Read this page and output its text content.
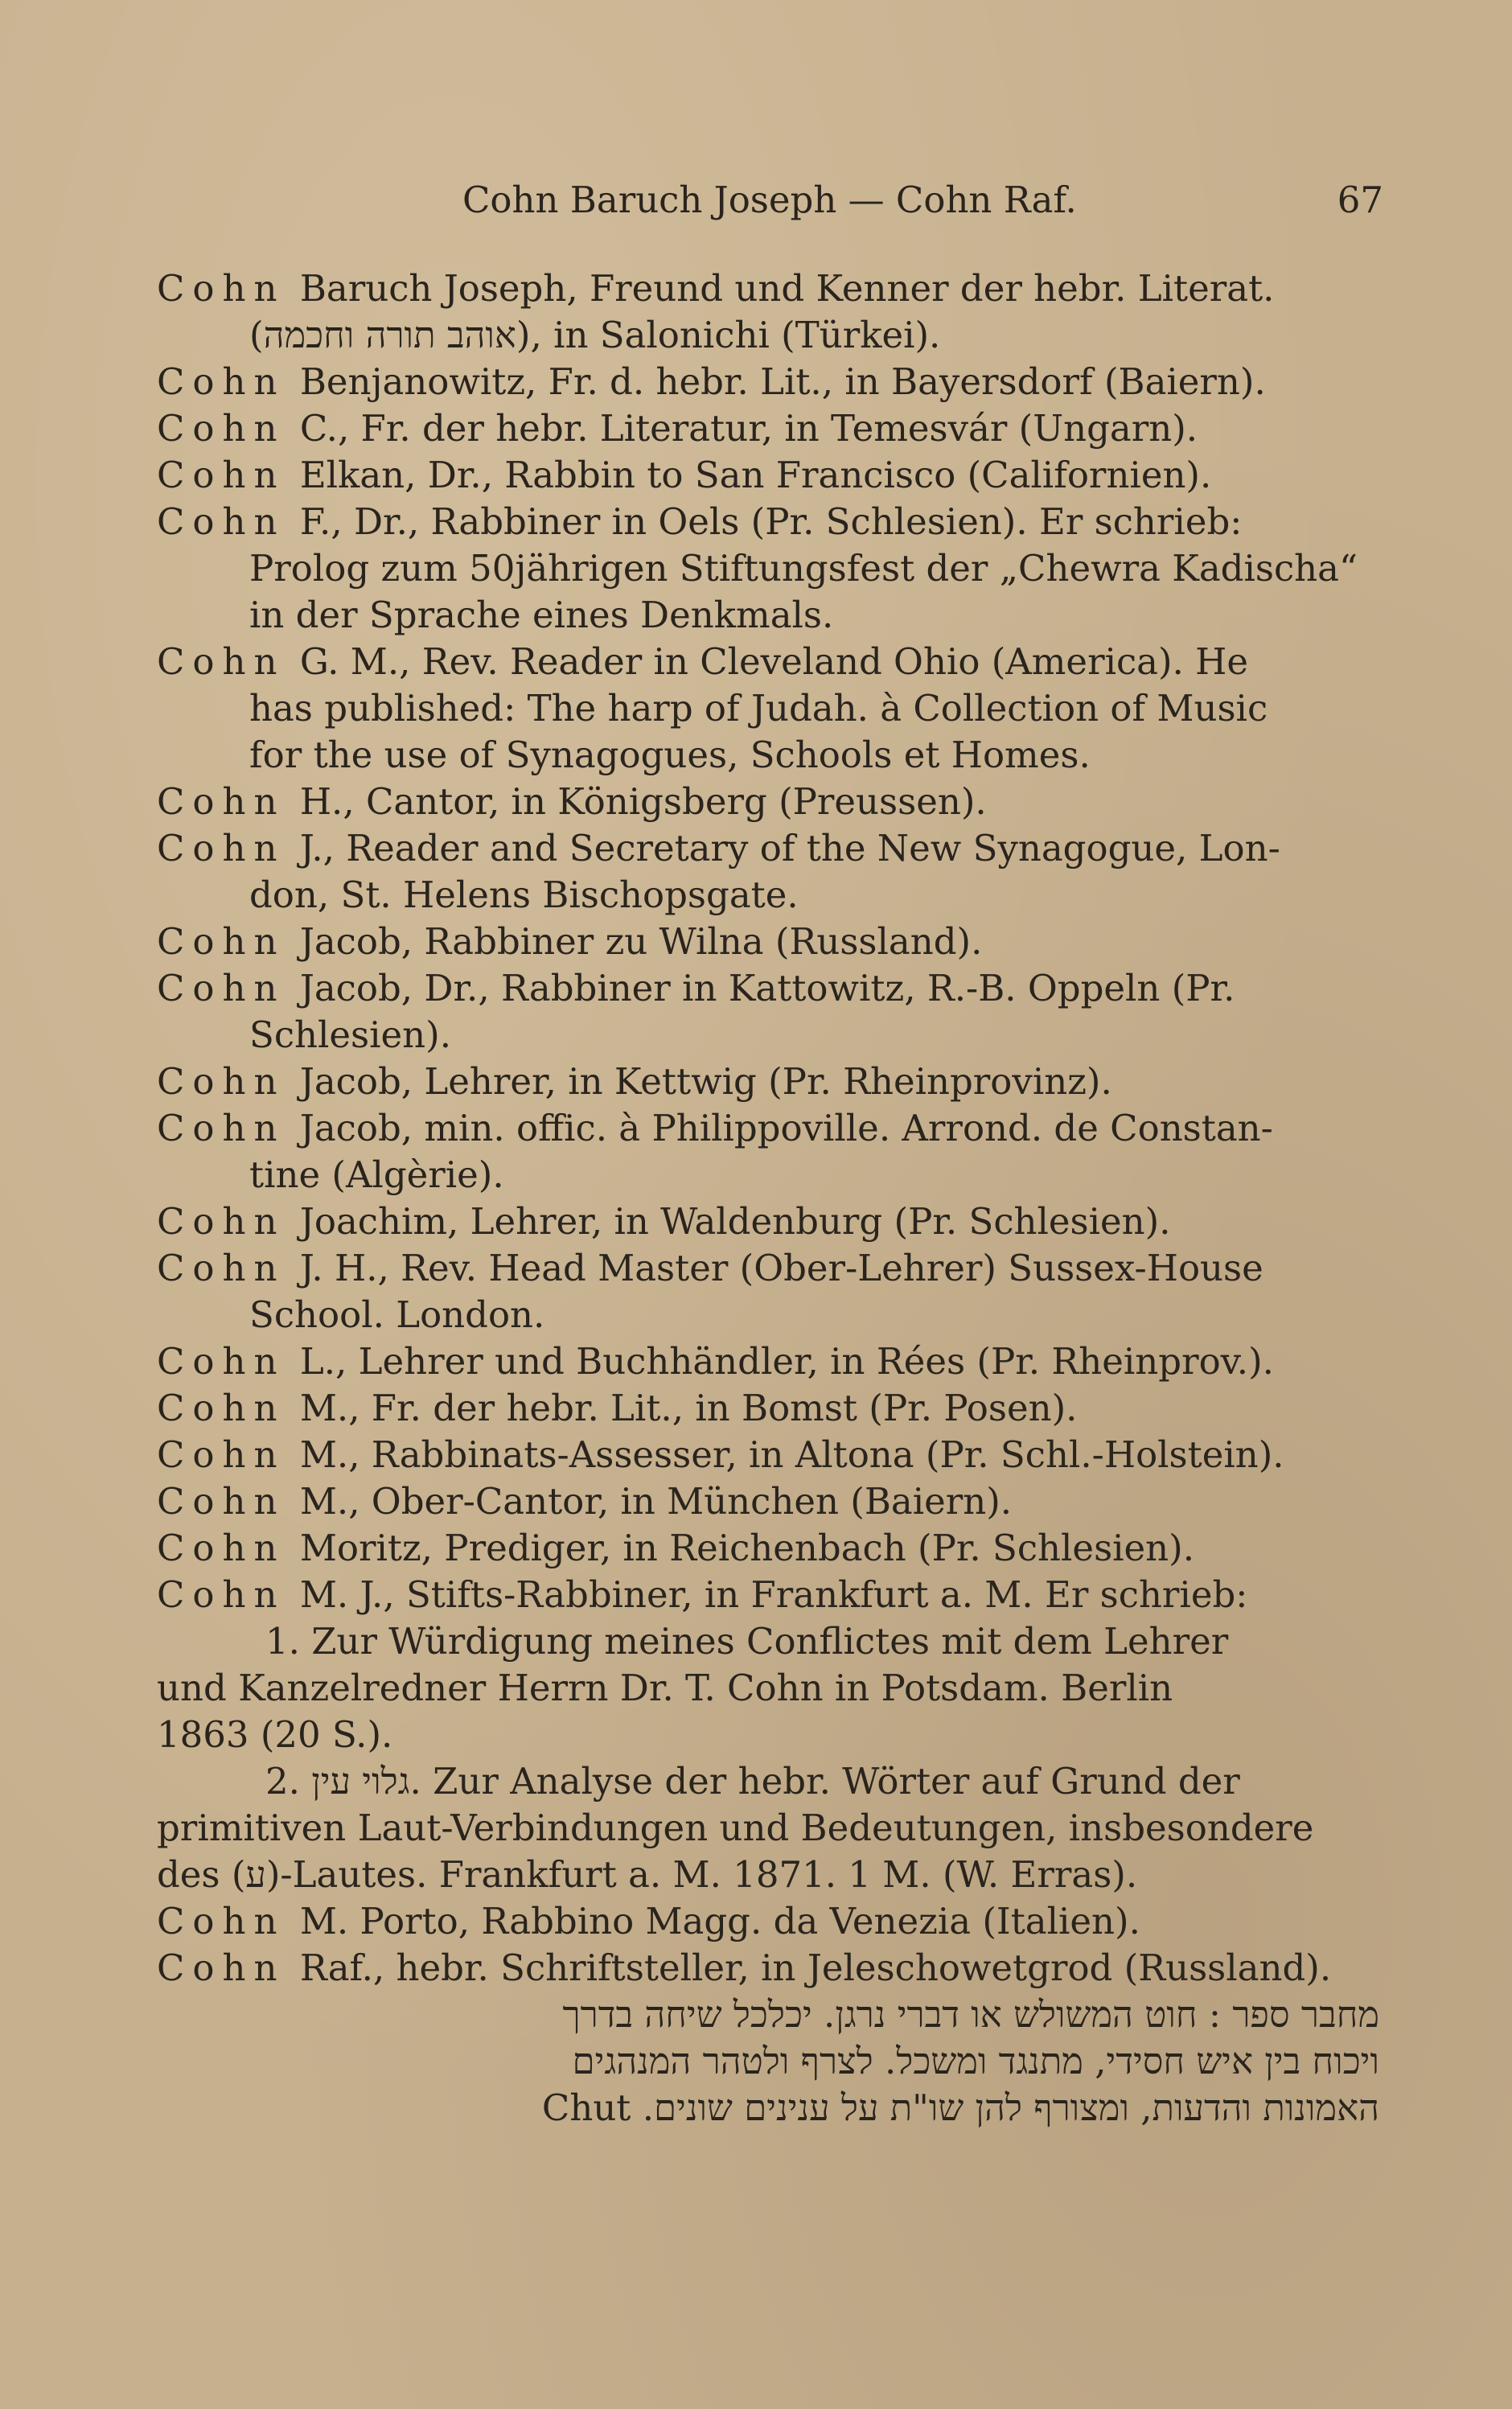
Cohn Baruch Joseph — Cohn Raf.	67
Cohn Baruch Joseph, Freund und Kenner der hebr. Literat.
(אוהב תורה וחכמה), in Salonichi (Türkei).
Cohn Benjanowitz, Fr. d. hebr. Lit., in Bayersdorf (Baiern).
Cohn C., Fr. der hebr. Literatur, in Temesvár (Ungarn).
Cohn Elkan, Dr., Rabbin to San Francisco (Californien).
Cohn F., Dr., Rabbiner in Oels (Pr. Schlesien). Er schrieb:
Prolog zum 50jährigen Stiftungsfest der „Chewra Kadischa“
in der Sprache eines Denkmals.
Cohn G. M., Rev. Reader in Cleveland Ohio (America). He
has published: The harp of Judah. à Collection of Music
for the use of Synagogues, Schools et Homes.
Cohn H., Cantor, in Königsberg (Preussen).
Cohn J., Reader and Secretary of the New Synagogue, Lon-
don, St. Helens Bischopsgate.
Cohn Jacob, Rabbiner zu Wilna (Russland).
Cohn Jacob, Dr., Rabbiner in Kattowitz, R.-B. Oppeln (Pr.
Schlesien).
Cohn Jacob, Lehrer, in Kettwig (Pr. Rheinprovinz).
Cohn Jacob, min. offic. à Philippoville. Arrond. de Constan-
tine (Algèrie).
Cohn Joachim, Lehrer, in Waldenburg (Pr. Schlesien).
Cohn J. H., Rev. Head Master (Ober-Lehrer) Sussex-House
School. London.
Cohn L., Lehrer und Buchhändler, in Rées (Pr. Rheinprov.).
Cohn M., Fr. der hebr. Lit., in Bomst (Pr. Posen).
Cohn M., Rabbinats-Assesser, in Altona (Pr. Schl.-Holstein).
Cohn M., Ober-Cantor, in München (Baiern).
Cohn Moritz, Prediger, in Reichenbach (Pr. Schlesien).
Cohn M. J., Stifts-Rabbiner, in Frankfurt a. M. Er schrieb:
1. Zur Würdigung meines Conflictes mit dem Lehrer
und Kanzelredner Herrn Dr. T. Cohn in Potsdam. Berlin
1863 (20 S.).
2. גלוי עין. Zur Analyse der hebr. Wörter auf Grund der
primitiven Laut-Verbindungen und Bedeutungen, insbesondere
des (ע)-Lautes. Frankfurt a. M. 1871. 1 M. (W. Erras).
Cohn M. Porto, Rabbino Magg. da Venezia (Italien).
Cohn Raf., hebr. Schriftsteller, in Jeleschowetgrod (Russland).
מחבר ספר : חוט המשולש או דברי נרגן. יכלכל שיחה בדרך
ויכוח בין איש חסידי, מתנגד ומשכל. לצרף ולטהר המנהגים
האמונות והדעות, ומצורף להן שו"ת על ענינים שונים. Chut
